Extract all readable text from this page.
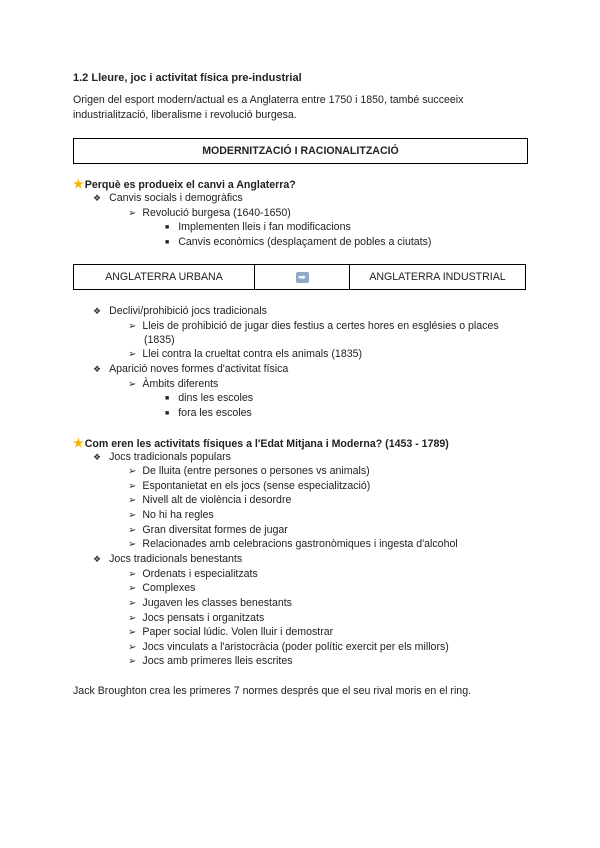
1.2 Lleure, joc i activitat física pre-industrial
Origen del esport modern/actual es a Anglaterra entre 1750 i 1850, també succeeix
industrialització, liberalisme i revolució burgesa.
MODERNITZACIÓ I RACIONALITZACIÓ
★Perquè es produeix el canvi a Anglaterra?
❖ Canvis socials i demogràfics
➢ Revolució burgesa (1640-1650)
■ Implementen lleis i fan modificacions
■ Canvis econòmics (desplaçament de pobles a ciutats)
ANGLATERRA URBANA	➡	ANGLATERRA INDUSTRIAL
❖ Declivi/prohibició jocs tradicionals
➢ Lleis de prohibició de jugar dies festius a certes hores en esglésies o places
(1835)
➢ Llei contra la crueltat contra els animals (1835)
❖ Aparició noves formes d'activitat física
➢ Àmbits diferents
■ dins les escoles
■ fora les escoles
★Com eren les activitats físiques a l'Edat Mitjana i Moderna? (1453 - 1789)
❖ Jocs tradicionals populars
➢ De lluita (entre persones o persones vs animals)
➢ Espontanietat en els jocs (sense especialització)
➢ Nivell alt de violència i desordre
➢ No hi ha regles
➢ Gran diversitat formes de jugar
➢ Relacionades amb celebracions gastronòmiques i ingesta d'alcohol
❖ Jocs tradicionals benestants
➢ Ordenats i especialitzats
➢ Complexes
➢ Jugaven les classes benestants
➢ Jocs pensats i organitzats
➢ Paper social lúdic. Volen lluir i demostrar
➢ Jocs vinculats a l'aristocràcia (poder polític exercit per els millors)
➢ Jocs amb primeres lleis escrites
Jack Broughton crea les primeres 7 normes després que el seu rival moris en el ring.
